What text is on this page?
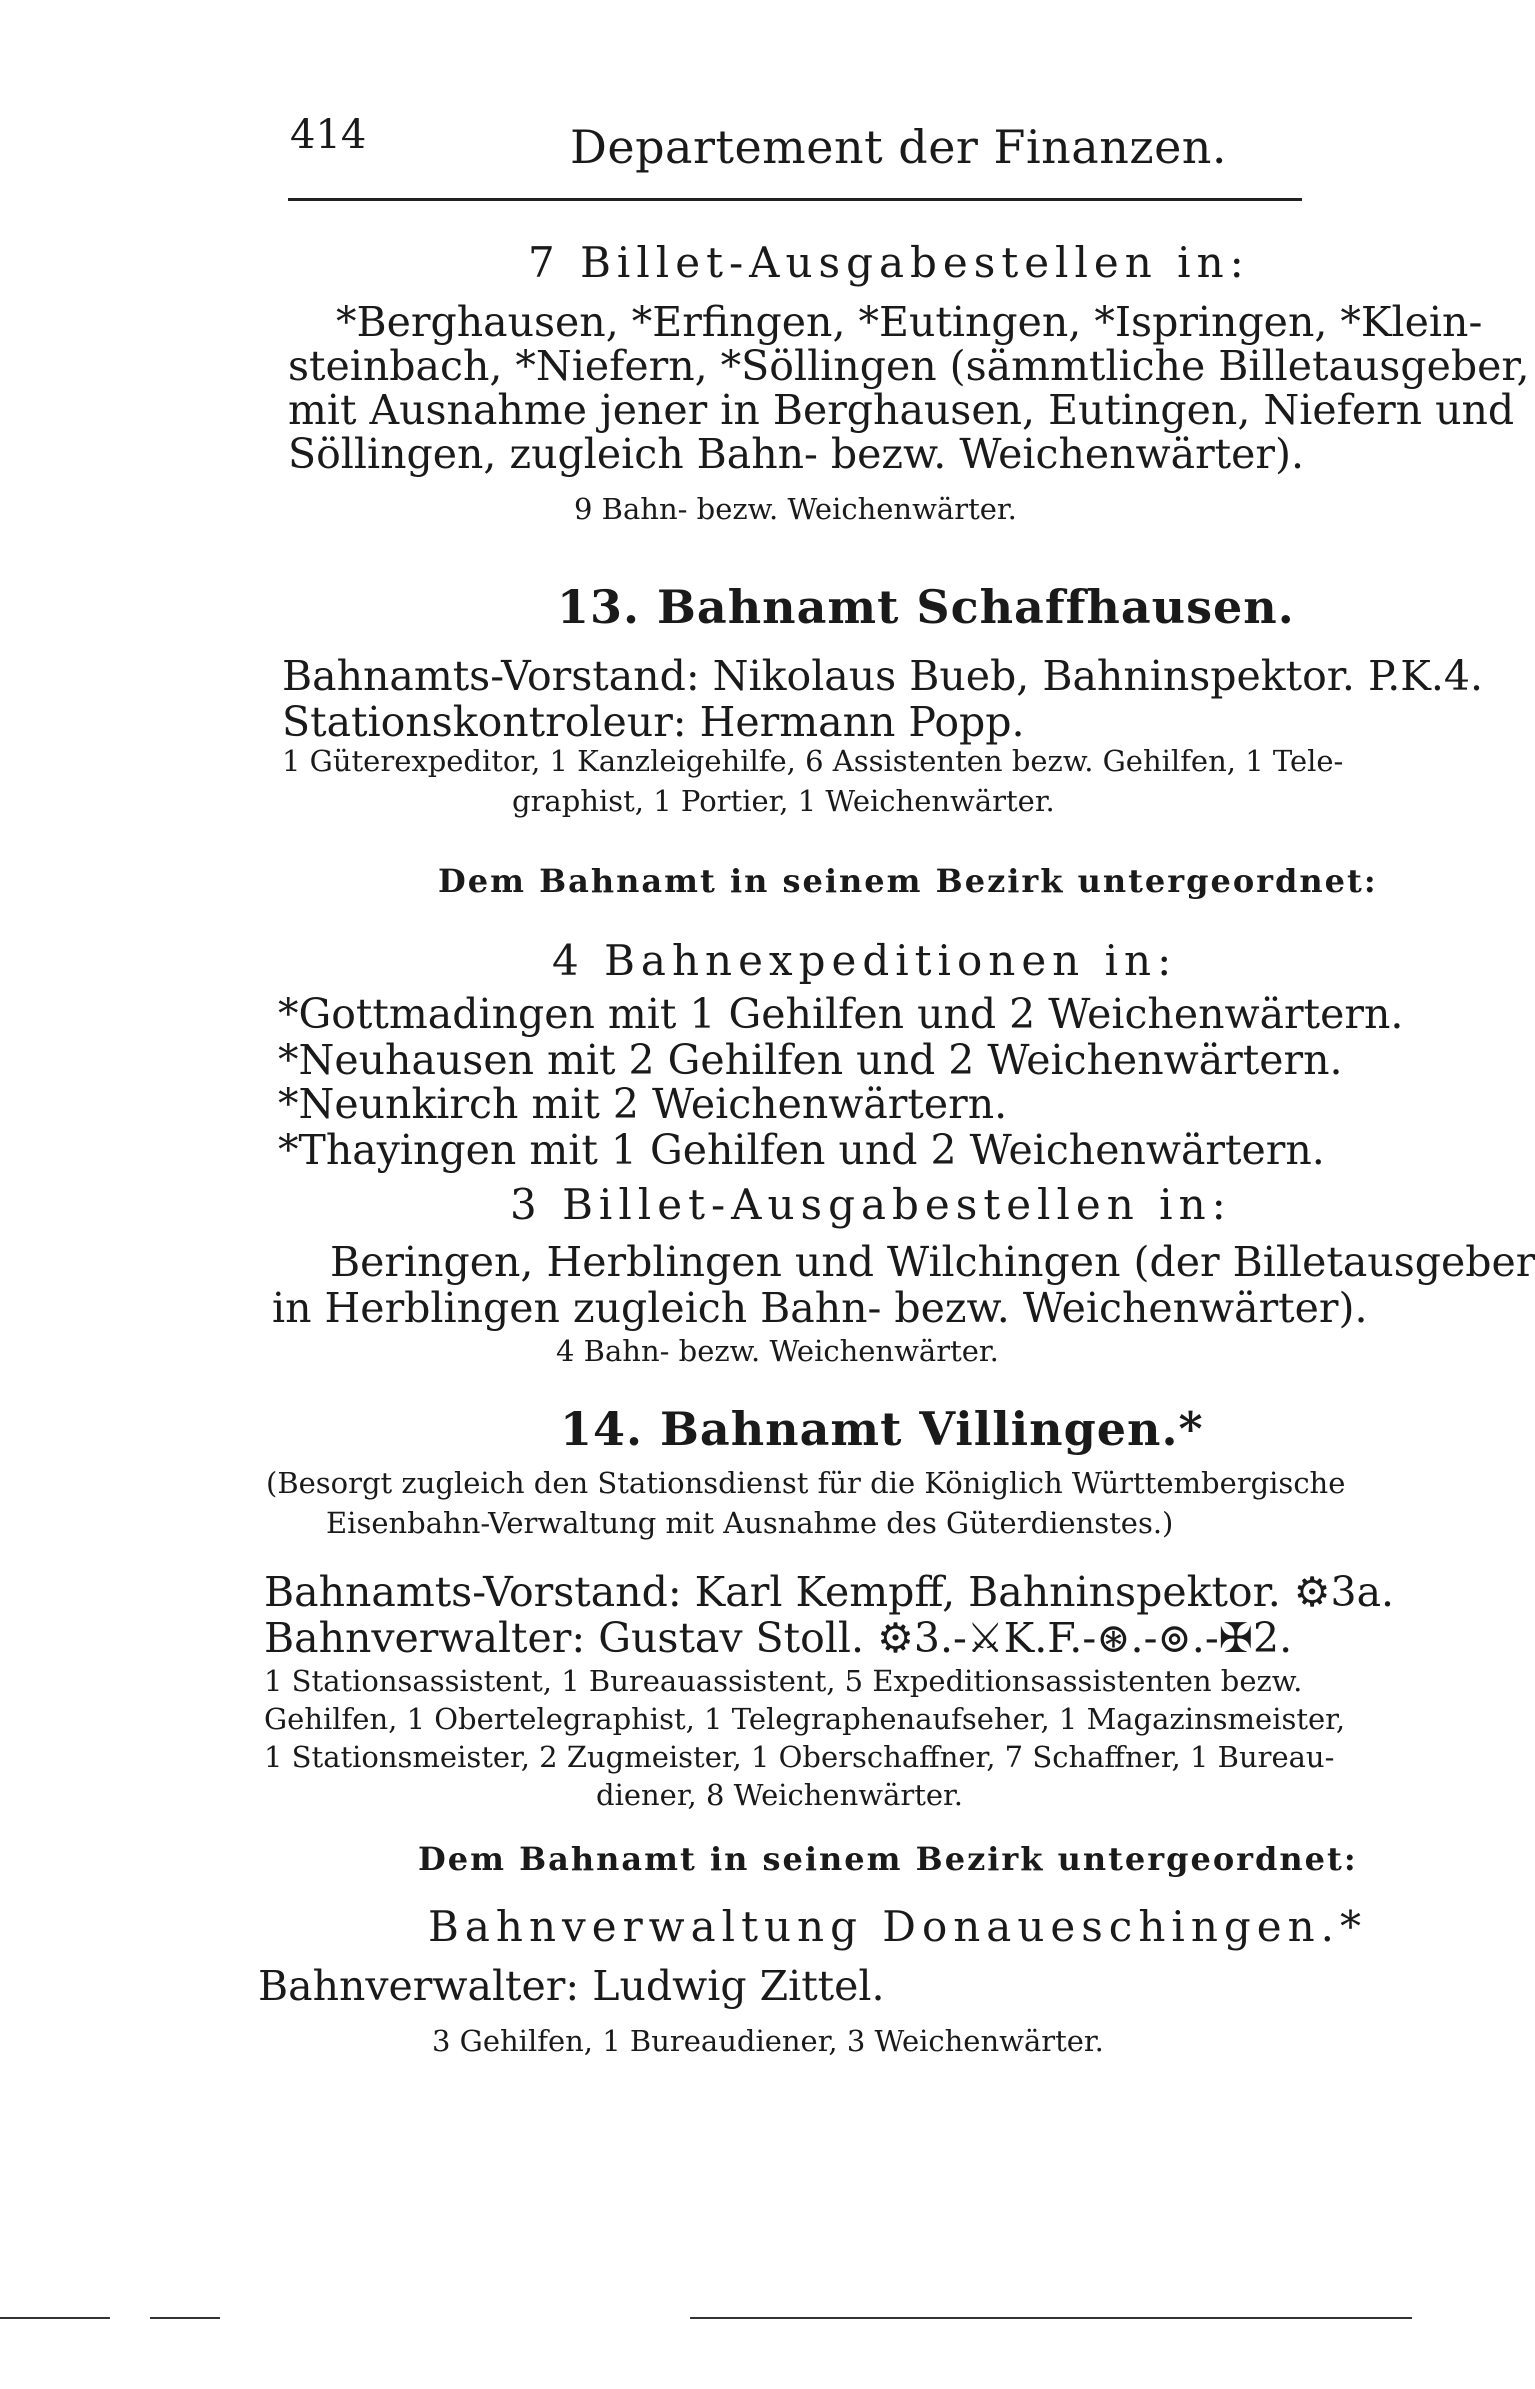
414	Departement der Finanzen.
7 Billet-Ausgabestellen in:
*Berghausen, *Erfingen, *Eutingen, *Ispringen, *Klein-
steinbach, *Niefern, *Söllingen (sämmtliche Billetausgeber,
mit Ausnahme jener in Berghausen, Eutingen, Niefern und
Söllingen, zugleich Bahn- bezw. Weichenwärter).
9 Bahn- bezw. Weichenwärter.
13. Bahnamt Schaffhausen.
Bahnamts-Vorstand: Nikolaus Bueb, Bahninspektor. P.K.4.
Stationskontroleur: Hermann Popp.
1 Güterexpeditor, 1 Kanzleigehilfe, 6 Assistenten bezw. Gehilfen, 1 Tele-
graphist, 1 Portier, 1 Weichenwärter.
Dem Bahnamt in seinem Bezirk untergeordnet:
4 Bahnexpeditionen in:
*Gottmadingen mit 1 Gehilfen und 2 Weichenwärtern.
*Neuhausen mit 2 Gehilfen und 2 Weichenwärtern.
*Neunkirch mit 2 Weichenwärtern.
*Thayingen mit 1 Gehilfen und 2 Weichenwärtern.
3 Billet-Ausgabestellen in:
Beringen, Herblingen und Wilchingen (der Billetausgeber
in Herblingen zugleich Bahn- bezw. Weichenwärter).
4 Bahn- bezw. Weichenwärter.
14. Bahnamt Villingen.*
(Besorgt zugleich den Stationsdienst für die Königlich Württembergische
Eisenbahn-Verwaltung mit Ausnahme des Güterdienstes.)
Bahnamts-Vorstand: Karl Kempff, Bahninspektor. ⚙3a.
Bahnverwalter: Gustav Stoll. ⚙3.-⚔K.F.-⊛.-⊚.-✠2.
1 Stationsassistent, 1 Bureauassistent, 5 Expeditionsassistenten bezw.
Gehilfen, 1 Obertelegraphist, 1 Telegraphenaufseher, 1 Magazinsmeister,
1 Stationsmeister, 2 Zugmeister, 1 Oberschaffner, 7 Schaffner, 1 Bureau-
diener, 8 Weichenwärter.
Dem Bahnamt in seinem Bezirk untergeordnet:
Bahnverwaltung Donaueschingen.*
Bahnverwalter: Ludwig Zittel.
3 Gehilfen, 1 Bureaudiener, 3 Weichenwärter.
